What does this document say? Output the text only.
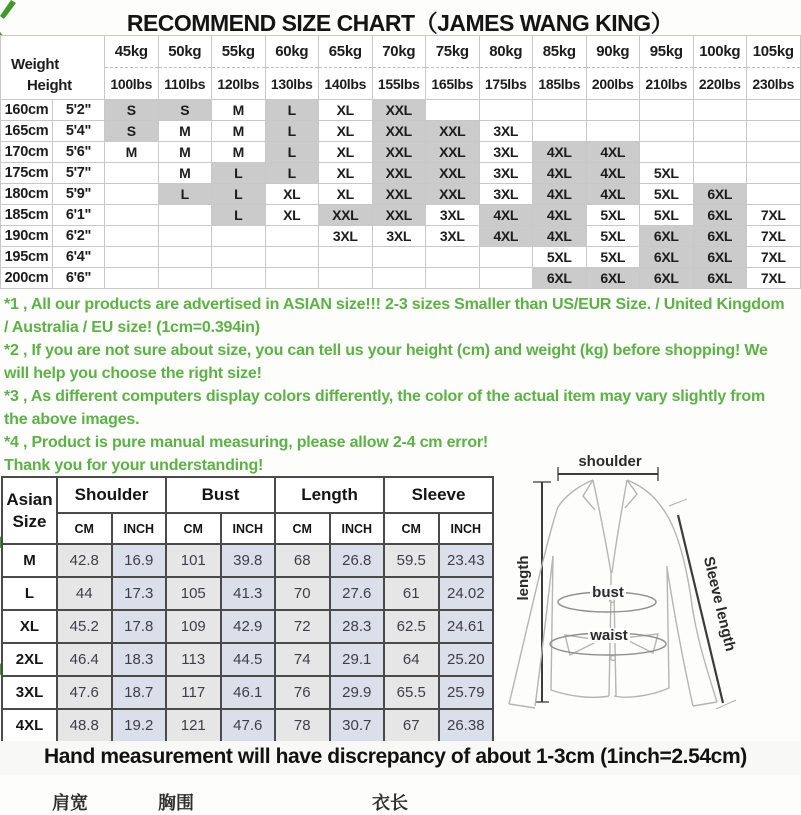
RECOMMEND SIZE CHART（JAMES WANG KING）
Weight
Height		45kg	50kg	55kg	60kg	65kg	70kg	75kg	80kg	85kg	90kg	95kg	100kg	105kg
		100lbs	110lbs	120lbs	130lbs	140lbs	155lbs	165lbs	175lbs	185lbs	200lbs	210lbs	220lbs	230lbs
160cm	5'2"	S	S	M	L	XL	XXL							
165cm	5'4"	S	M	M	L	XL	XXL	XXL	3XL					
170cm	5'6"	M	M	M	L	XL	XXL	XXL	3XL	4XL	4XL			
175cm	5'7"		M	L	L	XL	XXL	XXL	3XL	4XL	4XL	5XL		
180cm	5'9"		L	L	XL	XL	XXL	XXL	3XL	4XL	4XL	5XL	6XL	
185cm	6'1"			L	XL	XXL	XXL	3XL	4XL	4XL	5XL	5XL	6XL	7XL
190cm	6'2"					3XL	3XL	3XL	4XL	4XL	5XL	6XL	6XL	7XL
195cm	6'4"									5XL	5XL	6XL	6XL	7XL
200cm	6'6"									6XL	6XL	6XL	6XL	7XL
*1 , All our products are advertised in ASIAN size!!! 2-3 sizes Smaller than US/EUR Size. / United Kingdom
/ Australia / EU size! (1cm=0.394in)
*2 , If you are not sure about size, you can tell us your height (cm) and weight (kg) before shopping! We
will help you choose the right size!
*3 , As different computers display colors differently, the color of the actual item may vary slightly from
the above images.
*4 , Product is pure manual measuring, please allow 2-4 cm error!
Thank you for your understanding!
Asian
Size	Shoulder		Bust		Length		Sleeve	
	CM	INCH	CM	INCH	CM	INCH	CM	INCH
M	42.8	16.9	101	39.8	68	26.8	59.5	23.43
L	44	17.3	105	41.3	70	27.6	61	24.02
XL	45.2	17.8	109	42.9	72	28.3	62.5	24.61
2XL	46.4	18.3	113	44.5	74	29.1	64	25.20
3XL	47.6	18.7	117	46.1	76	29.9	65.5	25.79
4XL	48.8	19.2	121	47.6	78	30.7	67	26.38
shoulder
length	bust
waist	Sleeve length
Hand measurement will have discrepancy of about 1-3cm (1inch=2.54cm)
肩宽	胸围	衣长
